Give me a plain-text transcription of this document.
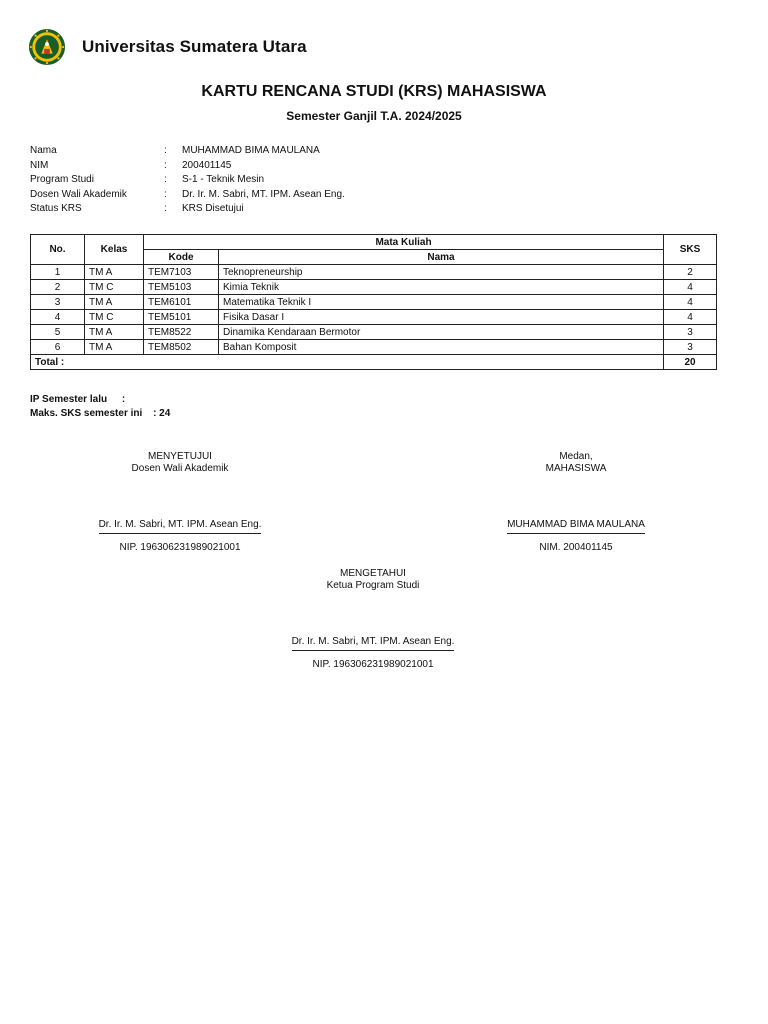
Universitas Sumatera Utara
KARTU RENCANA STUDI (KRS) MAHASISWA
Semester Ganjil T.A. 2024/2025
Nama	:	MUHAMMAD BIMA MAULANA
NIM	:	200401145
Program Studi	:	S-1 - Teknik Mesin
Dosen Wali Akademik	:	Dr. Ir. M. Sabri, MT. IPM. Asean Eng.
Status KRS	:	KRS Disetujui
No.	Kelas	Mata Kuliah		SKS
		Kode	Nama	
1	TM A	TEM7103	Teknopreneurship	2
2	TM C	TEM5103	Kimia Teknik	4
3	TM A	TEM6101	Matematika Teknik I	4
4	TM C	TEM5101	Fisika Dasar I	4
5	TM A	TEM8522	Dinamika Kendaraan Bermotor	3
6	TM A	TEM8502	Bahan Komposit	3
Total :				20
IP Semester lalu :
Maks. SKS semester ini : 24
MENYETUJUI
Dosen Wali Akademik
Dr. Ir. M. Sabri, MT. IPM. Asean Eng.
NIP. 196306231989021001
Medan,
MAHASISWA
MUHAMMAD BIMA MAULANA
NIM. 200401145
MENGETAHUI
Ketua Program Studi
Dr. Ir. M. Sabri, MT. IPM. Asean Eng.
NIP. 196306231989021001
